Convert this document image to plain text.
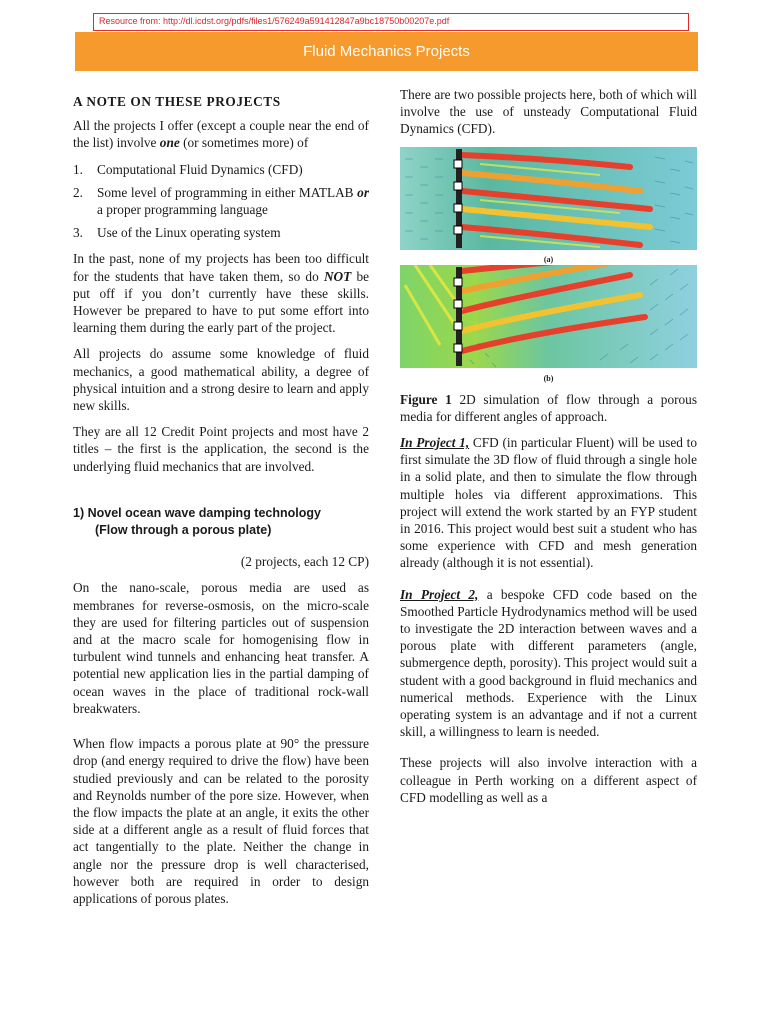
Resource from: http://dl.icdst.org/pdfs/files1/576249a591412847a9bc18750b00207e.pdf
Fluid Mechanics Projects
A NOTE ON THESE PROJECTS

All the projects I offer (except a couple near the end of the list) involve one (or sometimes more) of

1.	Computational Fluid Dynamics (CFD)
2.	Some level of programming in either MATLAB or a proper programming language
3.	Use of the Linux operating system

In the past, none of my projects has been too difficult for the students that have taken them, so do NOT be put off if you don’t currently have these skills. However be prepared to have to put some effort into learning them during the early part of the project.

All projects do assume some knowledge of fluid mechanics, a good mathematical ability, a degree of physical intuition and a strong desire to learn and apply new skills.

They are all 12 Credit Point projects and most have 2 titles – the first is the application, the second is the underlying fluid mechanics that are involved.

1) Novel ocean wave damping technology
(Flow through a porous plate)
(2 projects, each 12 CP)

On the nano-scale, porous media are used as membranes for reverse-osmosis, on the micro-scale they are used for filtering particles out of suspension and at the macro scale for homogenising flow in turbulent wind tunnels and enhancing heat transfer. A potential new application lies in the partial damping of ocean waves in the place of traditional rock-wall breakwaters.

When flow impacts a porous plate at 90° the pressure drop (and energy required to drive the flow) have been studied previously and can be related to the porosity and Reynolds number of the pore size. However, when the flow impacts the plate at an angle, it exits the other side at a different angle as a result of fluid forces that act tangentially to the plate. Neither the change in angle nor the pressure drop is well characterised, however both are required in order to design applications of porous plates.

There are two possible projects here, both of which will involve the use of unsteady Computational Fluid Dynamics (CFD).

(a)
(b)

Figure 1 2D simulation of flow through a porous media for different angles of approach.

In Project 1, CFD (in particular Fluent) will be used to first simulate the 3D flow of fluid through a single hole in a solid plate, and then to simulate the flow through multiple holes via different approximations. This project will extend the work started by an FYP student in 2016. This project would best suit a student who has some experience with CFD and mesh generation already (although it is not essential).

In Project 2, a bespoke CFD code based on the Smoothed Particle Hydrodynamics method will be used to investigate the 2D interaction between waves and a porous plate with different parameters (angle, submergence depth, porosity). This project would suit a student with a good background in fluid mechanics and numerical methods. Experience with the Linux operating system is an advantage and if not a current skill, a willingness to learn is needed.

These projects will also involve interaction with a colleague in Perth working on a different aspect of CFD modelling as well as a
